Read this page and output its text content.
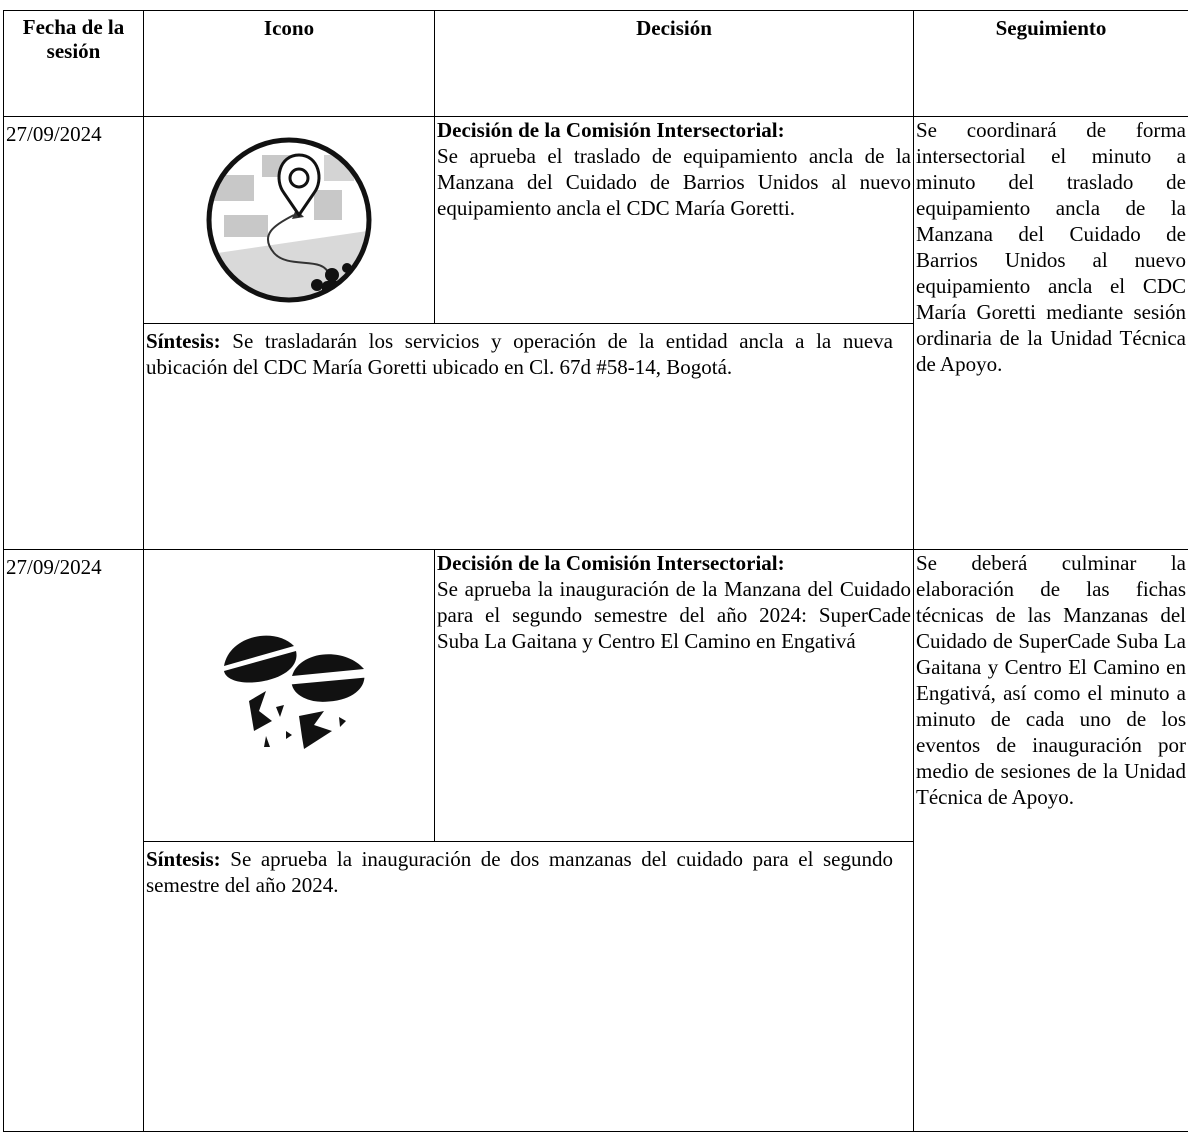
Fecha de la sesión	Icono	Decisión	Seguimiento
27/09/2024		Decisión de la Comisión Intersectorial:
Se aprueba el traslado de equipamiento ancla de la Manzana del Cuidado de Barrios Unidos al nuevo equipamiento ancla el CDC María Goretti.	Se coordinará de forma intersectorial el minuto a minuto del traslado de equipamiento ancla de la Manzana del Cuidado de Barrios Unidos al nuevo equipamiento ancla el CDC María Goretti mediante sesión ordinaria de la Unidad Técnica de Apoyo.
	Síntesis: Se trasladarán los servicios y operación de la entidad ancla a la nueva ubicación del CDC María Goretti ubicado en Cl. 67d #58-14, Bogotá.		
27/09/2024		Decisión de la Comisión Intersectorial:
Se aprueba la inauguración de la Manzana del Cuidado para el segundo semestre del año 2024: SuperCade Suba La Gaitana y Centro El Camino en Engativá	Se deberá culminar la elaboración de las fichas técnicas de las Manzanas del Cuidado de SuperCade Suba La Gaitana y Centro El Camino en Engativá, así como el minuto a minuto de cada uno de los eventos de inauguración por medio de sesiones de la Unidad Técnica de Apoyo.
	Síntesis: Se aprueba la inauguración de dos manzanas del cuidado para el segundo semestre del año 2024.		
